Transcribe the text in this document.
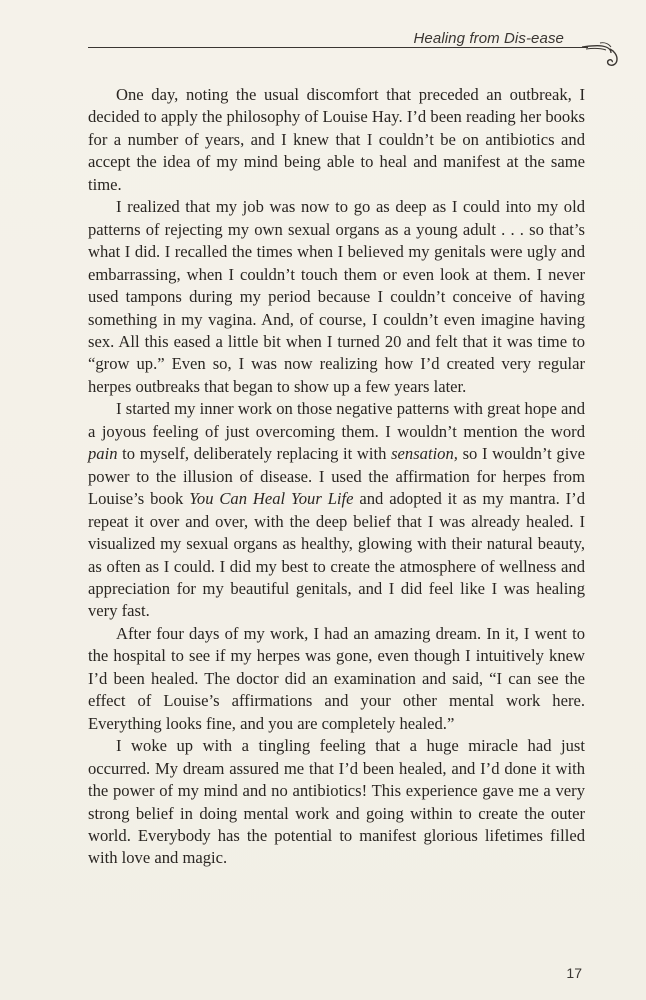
Healing from Dis-ease

One day, noting the usual discomfort that preceded an outbreak, I decided to apply the philosophy of Louise Hay. I’d been reading her books for a number of years, and I knew that I couldn’t be on antibiotics and accept the idea of my mind being able to heal and manifest at the same time.

I realized that my job was now to go as deep as I could into my old patterns of rejecting my own sexual organs as a young adult . . . so that’s what I did. I recalled the times when I believed my genitals were ugly and embarrassing, when I couldn’t touch them or even look at them. I never used tampons during my period because I couldn’t conceive of having something in my vagina. And, of course, I couldn’t even imagine having sex. All this eased a little bit when I turned 20 and felt that it was time to “grow up.” Even so, I was now realizing how I’d created very regular herpes outbreaks that began to show up a few years later.

I started my inner work on those negative patterns with great hope and a joyous feeling of just overcoming them. I wouldn’t mention the word pain to myself, deliberately replacing it with sensation, so I wouldn’t give power to the illusion of disease. I used the affirmation for herpes from Louise’s book You Can Heal Your Life and adopted it as my mantra. I’d repeat it over and over, with the deep belief that I was already healed. I visualized my sexual organs as healthy, glowing with their natural beauty, as often as I could. I did my best to create the atmosphere of wellness and appreciation for my beautiful genitals, and I did feel like I was healing very fast.

After four days of my work, I had an amazing dream. In it, I went to the hospital to see if my herpes was gone, even though I intuitively knew I’d been healed. The doctor did an examination and said, “I can see the effect of Louise’s affirmations and your other mental work here. Everything looks fine, and you are completely healed.”

I woke up with a tingling feeling that a huge miracle had just occurred. My dream assured me that I’d been healed, and I’d done it with the power of my mind and no antibiotics! This experience gave me a very strong belief in doing mental work and going within to create the outer world. Everybody has the potential to manifest glorious lifetimes filled with love and magic.

17
